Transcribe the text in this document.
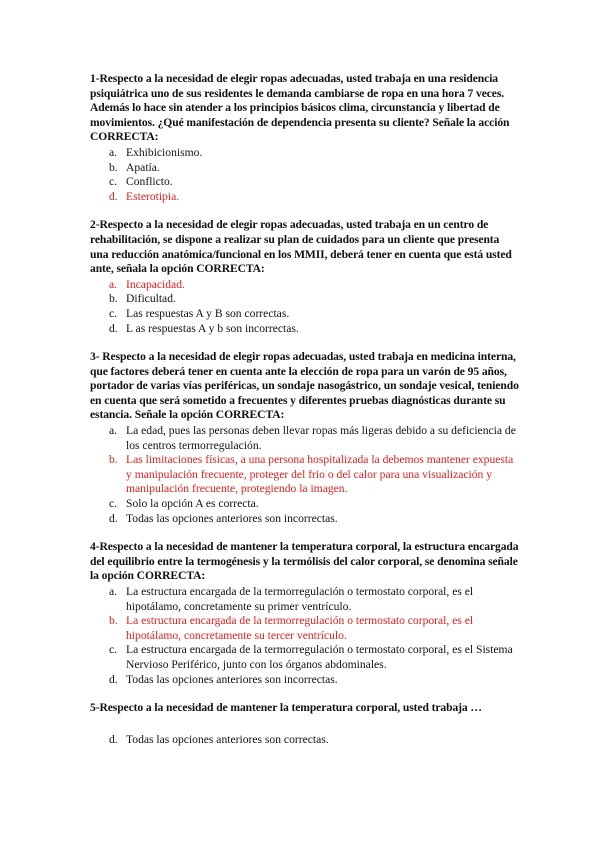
1-Respecto a la necesidad de elegir ropas adecuadas, usted trabaja en una residencia psiquiátrica uno de sus residentes le demanda cambiarse de ropa en una hora 7 veces. Además lo hace sin atender a los principios básicos clima, circunstancia y libertad de movimientos. ¿Qué manifestación de dependencia presenta su cliente? Señale la acción CORRECTA:

a. Exhibicionismo.
b. Apatía.
c. Conflicto.
d. Esterotipia.

2-Respecto a la necesidad de elegir ropas adecuadas, usted trabaja en un centro de rehabilitación, se dispone a realizar su plan de cuidados para un cliente que presenta una reducción anatómica/funcional en los MMII, deberá tener en cuenta que está usted ante, señala la opción CORRECTA:

a. Incapacidad.
b. Dificultad.
c. Las respuestas A y B son correctas.
d. L as respuestas A y b son incorrectas.

3- Respecto a la necesidad de elegir ropas adecuadas, usted trabaja en medicina interna, que factores deberá tener en cuenta ante la elección de ropa para un varón de 95 años, portador de varias vías periféricas, un sondaje nasogástrico, un sondaje vesical, teniendo en cuenta que será sometido a frecuentes y diferentes pruebas diagnósticas durante su estancia. Señale la opción CORRECTA:

a. La edad, pues las personas deben llevar ropas más ligeras debido a su deficiencia de los centros termorregulación.
b. Las limitaciones físicas, a una persona hospitalizada la debemos mantener expuesta y manipulación frecuente, proteger del frio o del calor para una visualización y manipulación frecuente, protegiendo la imagen.
c. Solo la opción A es correcta.
d. Todas las opciones anteriores son incorrectas.

4-Respecto a la necesidad de mantener la temperatura corporal, la estructura encargada del equilibrio entre la termogénesis y la termólisis del calor corporal, se denomina señale la opción CORRECTA:

a. La estructura encargada de la termorregulación o termostato corporal, es el hipotálamo, concretamente su primer ventrículo.
b. La estructura encargada de la termorregulación o termostato corporal, es el hipotálamo, concretamente su tercer ventrículo.
c. La estructura encargada de la termorregulación o termostato corporal, es el Sistema Nervioso Periférico, junto con los órganos abdominales.
d. Todas las opciones anteriores son incorrectas.

5-Respecto a la necesidad de mantener la temperatura corporal, usted trabaja …

d. Todas las opciones anteriores son correctas.
